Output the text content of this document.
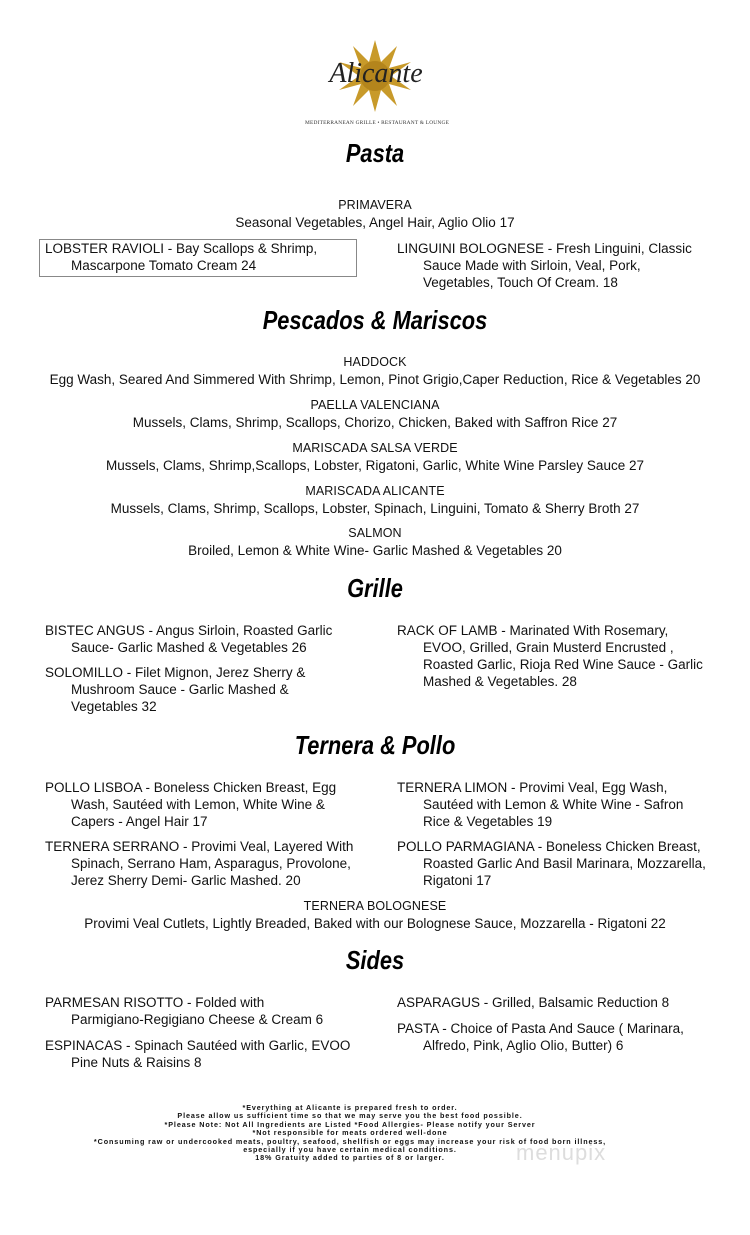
Alicante
MEDITERRANEAN GRILLE • RESTAURANT & LOUNGE
Pasta
PRIMAVERA
Seasonal Vegetables, Angel Hair, Aglio Olio 17
LOBSTER RAVIOLI - Bay Scallops & Shrimp,
Mascarpone Tomato Cream 24
LINGUINI BOLOGNESE - Fresh Linguini, Classic
Sauce Made with Sirloin, Veal, Pork,
Vegetables, Touch Of Cream. 18
Pescados & Mariscos
HADDOCK
Egg Wash, Seared And Simmered With Shrimp, Lemon, Pinot Grigio,Caper Reduction, Rice & Vegetables 20
PAELLA VALENCIANA
Mussels, Clams, Shrimp, Scallops, Chorizo, Chicken, Baked with Saffron Rice 27
MARISCADA SALSA VERDE
Mussels, Clams, Shrimp,Scallops, Lobster, Rigatoni, Garlic, White Wine Parsley Sauce 27
MARISCADA ALICANTE
Mussels, Clams, Shrimp, Scallops, Lobster, Spinach, Linguini, Tomato & Sherry Broth 27
SALMON
Broiled, Lemon & White Wine- Garlic Mashed & Vegetables 20
Grille
BISTEC ANGUS - Angus Sirloin, Roasted Garlic
Sauce- Garlic Mashed & Vegetables 26
SOLOMILLO - Filet Mignon, Jerez Sherry &
Mushroom Sauce - Garlic Mashed &
Vegetables 32
RACK OF LAMB - Marinated With Rosemary,
EVOO, Grilled, Grain Musterd Encrusted ,
Roasted Garlic, Rioja Red Wine Sauce - Garlic
Mashed & Vegetables. 28
Ternera & Pollo
POLLO LISBOA - Boneless Chicken Breast, Egg
Wash, Sautéed with Lemon, White Wine &
Capers - Angel Hair 17
TERNERA SERRANO - Provimi Veal, Layered With
Spinach, Serrano Ham, Asparagus, Provolone,
Jerez Sherry Demi- Garlic Mashed. 20
TERNERA LIMON - Provimi Veal, Egg Wash,
Sautéed with Lemon & White Wine - Safron
Rice & Vegetables 19
POLLO PARMAGIANA - Boneless Chicken Breast,
Roasted Garlic And Basil Marinara, Mozzarella,
Rigatoni 17
TERNERA BOLOGNESE
Provimi Veal Cutlets, Lightly Breaded, Baked with our Bolognese Sauce, Mozzarella - Rigatoni 22
Sides
PARMESAN RISOTTO - Folded with
Parmigiano-Regigiano Cheese & Cream 6
ESPINACAS - Spinach Sautéed with Garlic, EVOO
Pine Nuts & Raisins 8
ASPARAGUS - Grilled, Balsamic Reduction 8
PASTA - Choice of Pasta And Sauce ( Marinara,
Alfredo, Pink, Aglio Olio, Butter) 6
*Everything at Alicante is prepared fresh to order.
Please allow us sufficient time so that we may serve you the best food possible.
*Please Note: Not All Ingredients are Listed *Food Allergies- Please notify your Server
*Not responsible for meats ordered well-done
*Consuming raw or undercooked meats, poultry, seafood, shellfish or eggs may increase your risk of food born illness,
especially if you have certain medical conditions.
18% Gratuity added to parties of 8 or larger.	menupix
